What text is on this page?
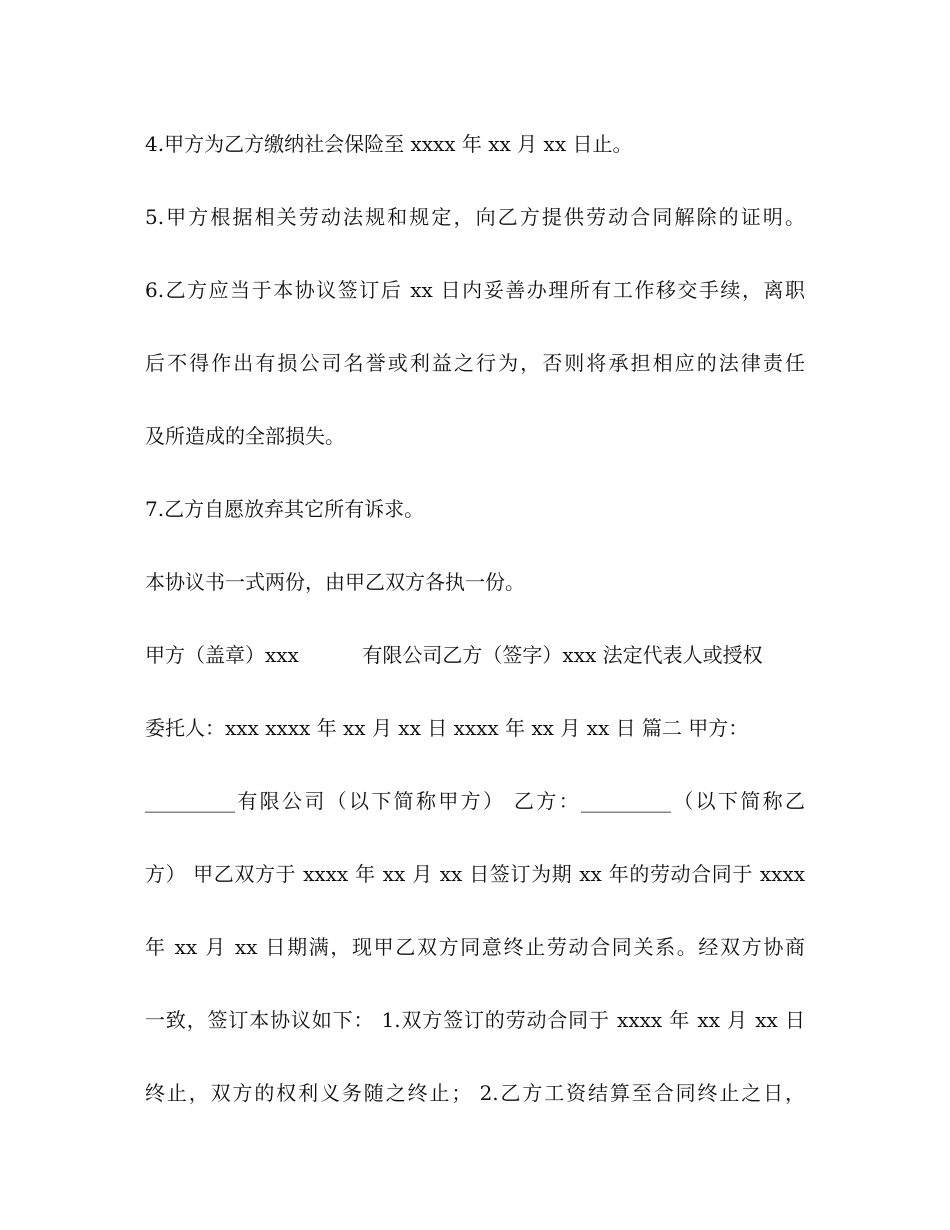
4.甲方为乙方缴纳社会保险至 xxxx 年 xx 月 xx 日止。

5.甲方根据相关劳动法规和规定，向乙方提供劳动合同解除的证明。

6.乙方应当于本协议签订后 xx 日内妥善办理所有工作移交手续，离职

后不得作出有损公司名誉或利益之行为，否则将承担相应的法律责任

及所造成的全部损失。

7.乙方自愿放弃其它所有诉求。

本协议书一式两份，由甲乙双方各执一份。

甲方（盖章）xxx          有限公司乙方（签字）xxx 法定代表人或授权

委托人：xxx xxxx 年 xx 月 xx 日 xxxx 年 xx 月 xx 日 篇二 甲方：

_________有限公司（以下简称甲方） 乙方：_________（以下简称乙

方） 甲乙双方于 xxxx 年 xx 月 xx 日签订为期 xx 年的劳动合同于 xxxx

年 xx 月 xx 日期满，现甲乙双方同意终止劳动合同关系。经双方协商

一致，签订本协议如下： 1.双方签订的劳动合同于 xxxx 年 xx 月 xx 日

终止，双方的权利义务随之终止； 2.乙方工资结算至合同终止之日，
